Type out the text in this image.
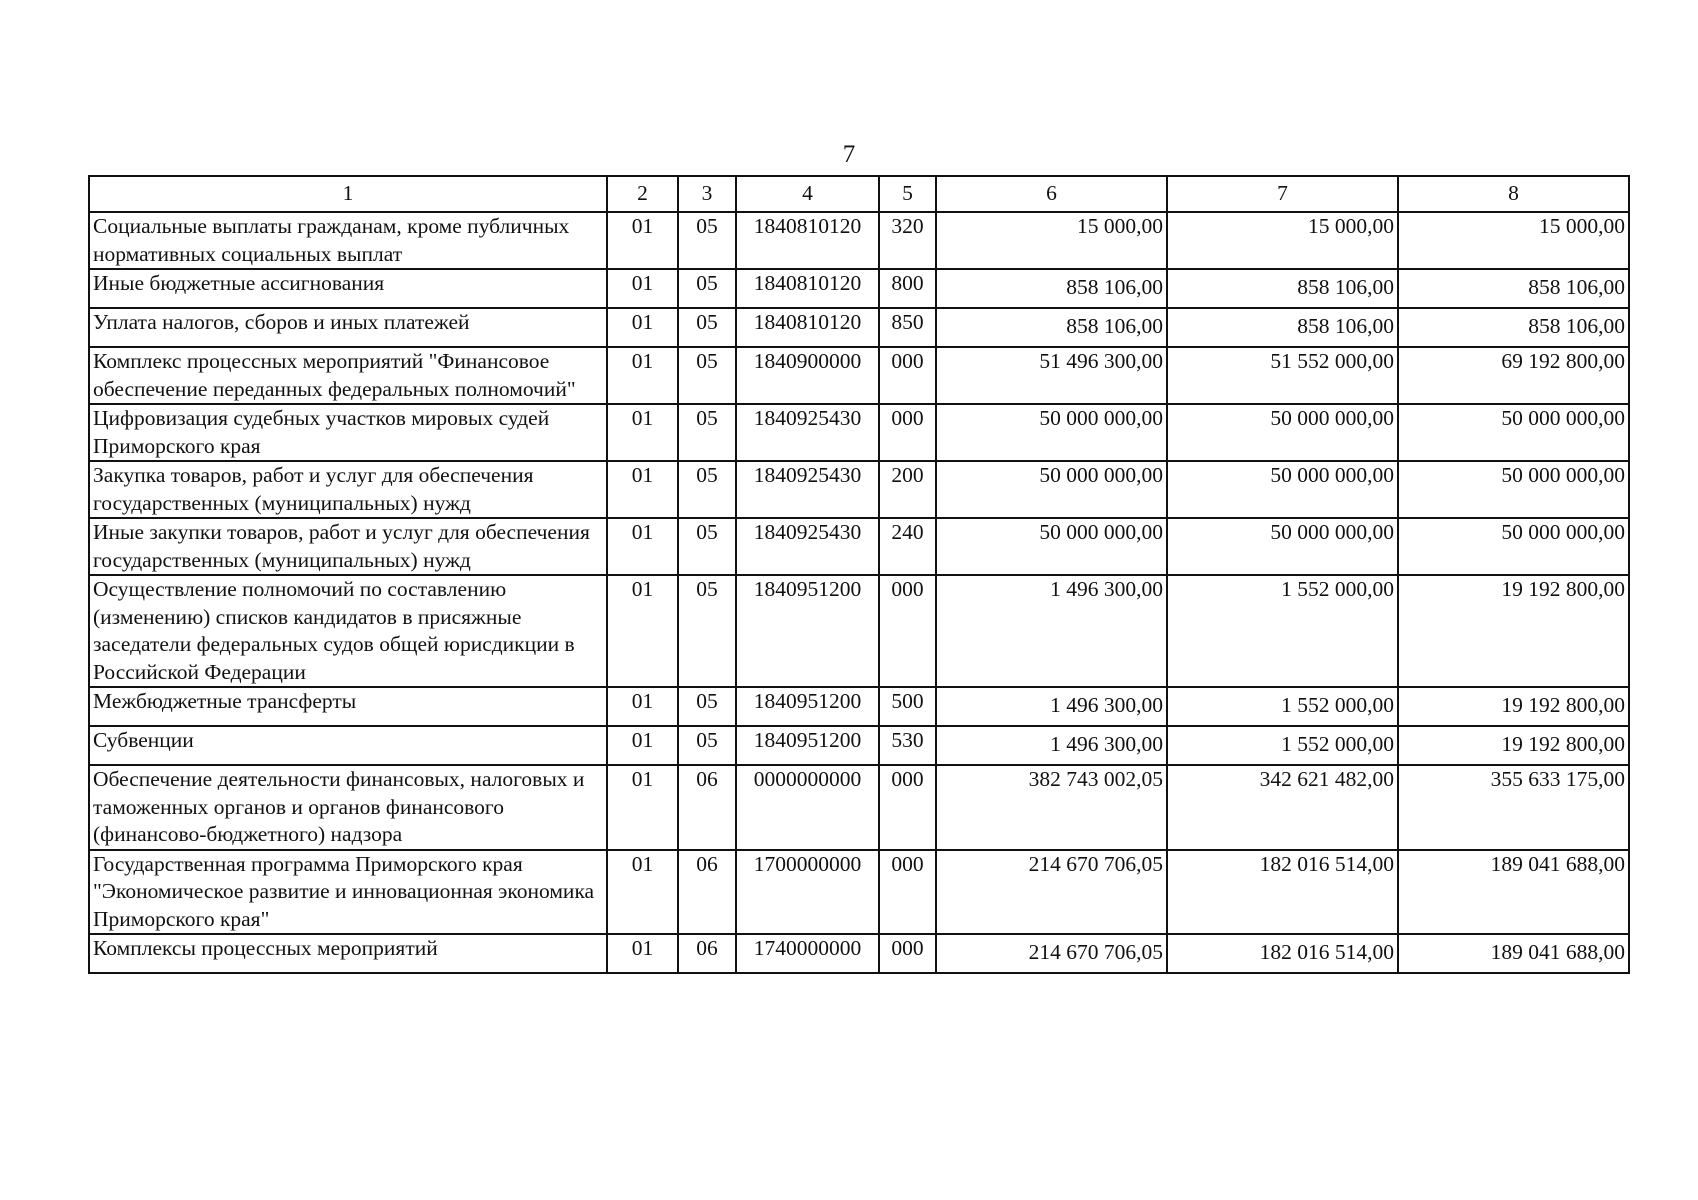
7
1	2	3	4	5	6	7	8
Социальные выплаты гражданам, кроме публичных нормативных социальных выплат	01	05	1840810120	320	15 000,00	15 000,00	15 000,00
Иные бюджетные ассигнования	01	05	1840810120	800	858 106,00	858 106,00	858 106,00
Уплата налогов, сборов и иных платежей	01	05	1840810120	850	858 106,00	858 106,00	858 106,00
Комплекс процессных мероприятий "Финансовое обеспечение переданных федеральных полномочий"	01	05	1840900000	000	51 496 300,00	51 552 000,00	69 192 800,00
Цифровизация судебных участков мировых судей Приморского края	01	05	1840925430	000	50 000 000,00	50 000 000,00	50 000 000,00
Закупка товаров, работ и услуг для обеспечения государственных (муниципальных) нужд	01	05	1840925430	200	50 000 000,00	50 000 000,00	50 000 000,00
Иные закупки товаров, работ и услуг для обеспечения государственных (муниципальных) нужд	01	05	1840925430	240	50 000 000,00	50 000 000,00	50 000 000,00
Осуществление полномочий по составлению (изменению) списков кандидатов в присяжные заседатели федеральных судов общей юрисдикции в Российской Федерации	01	05	1840951200	000	1 496 300,00	1 552 000,00	19 192 800,00
Межбюджетные трансферты	01	05	1840951200	500	1 496 300,00	1 552 000,00	19 192 800,00
Субвенции	01	05	1840951200	530	1 496 300,00	1 552 000,00	19 192 800,00
Обеспечение деятельности финансовых, налоговых и таможенных органов и органов финансового (финансово-бюджетного) надзора	01	06	0000000000	000	382 743 002,05	342 621 482,00	355 633 175,00
Государственная программа Приморского края "Экономическое развитие и инновационная экономика Приморского края"	01	06	1700000000	000	214 670 706,05	182 016 514,00	189 041 688,00
Комплексы процессных мероприятий	01	06	1740000000	000	214 670 706,05	182 016 514,00	189 041 688,00
